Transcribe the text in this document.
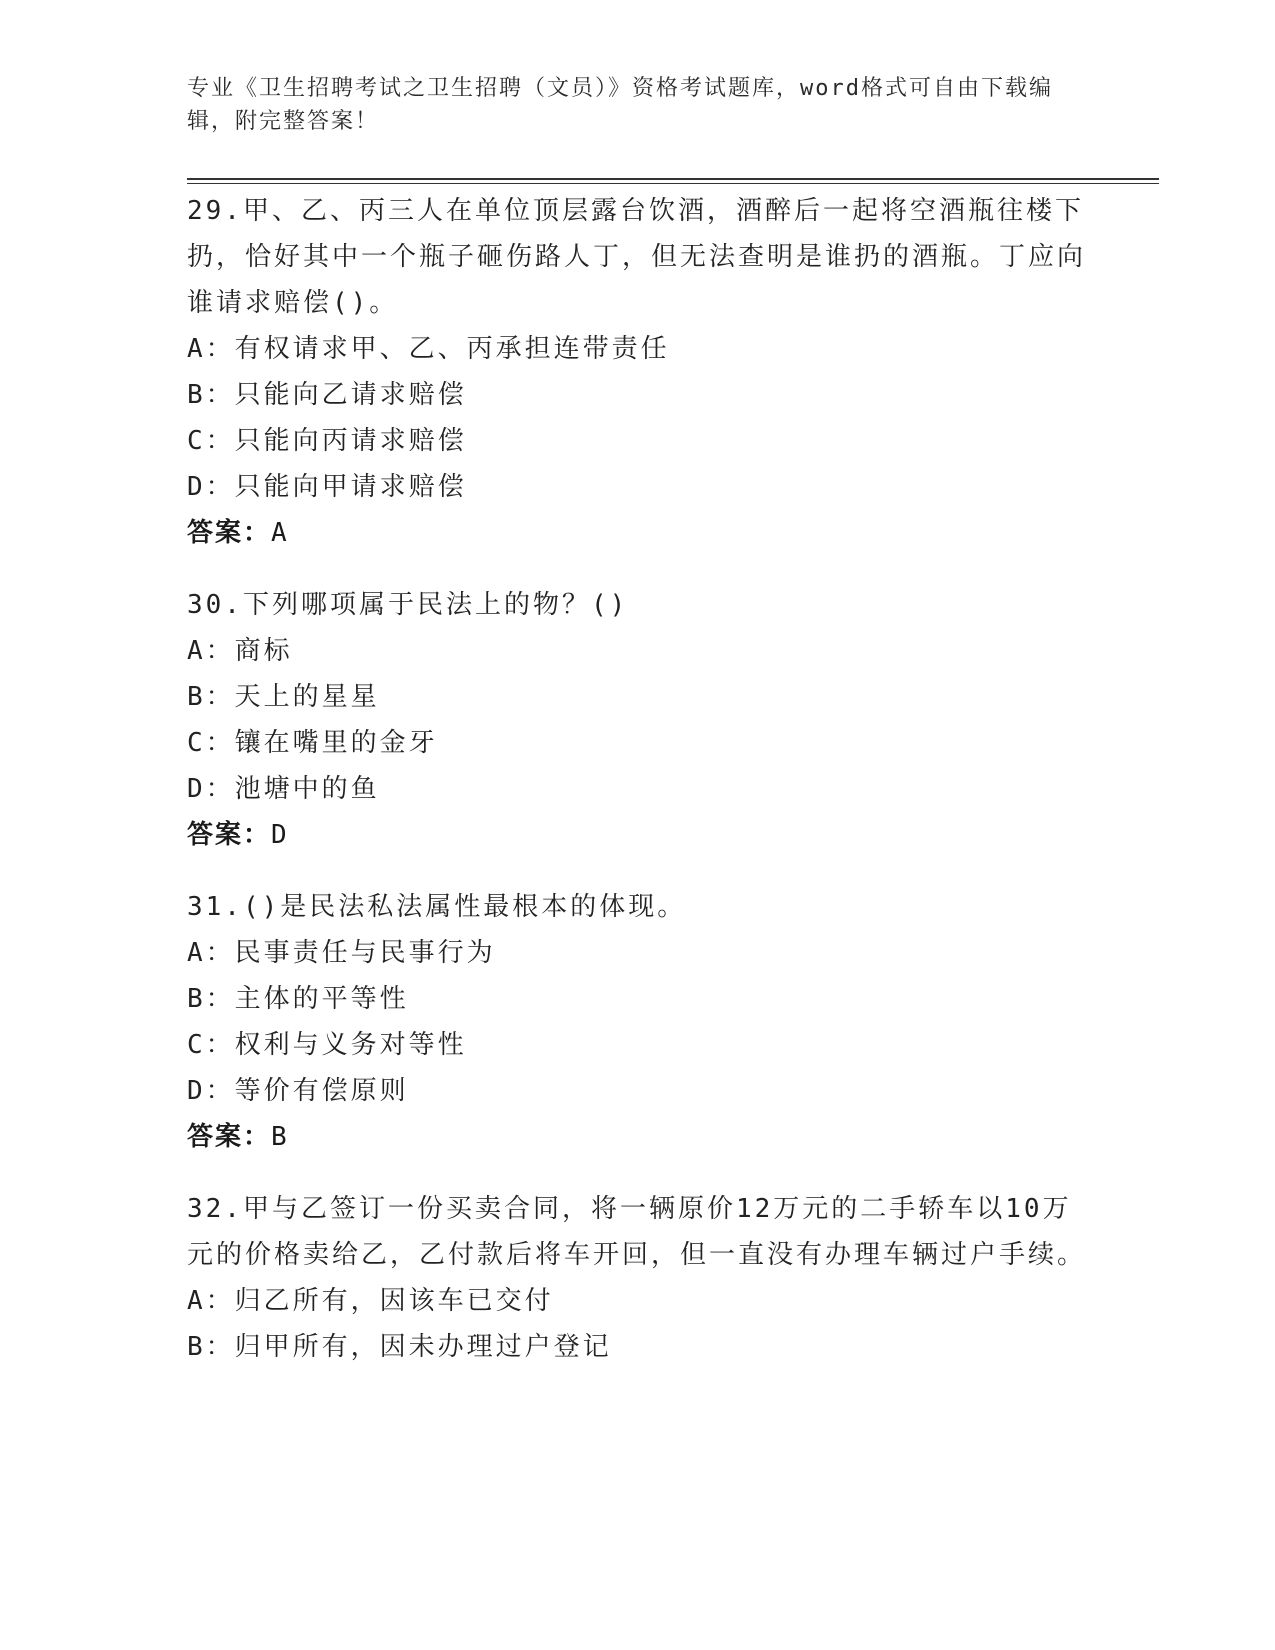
专业《卫生招聘考试之卫生招聘（文员）》资格考试题库，word格式可自由下载编辑，附完整答案！

29.甲、乙、丙三人在单位顶层露台饮酒，酒醉后一起将空酒瓶往楼下扔，恰好其中一个瓶子砸伤路人丁，但无法查明是谁扔的酒瓶。丁应向谁请求赔偿()。

A：有权请求甲、乙、丙承担连带责任

B：只能向乙请求赔偿

C：只能向丙请求赔偿

D：只能向甲请求赔偿

答案：A

30.下列哪项属于民法上的物？()

A：商标

B：天上的星星

C：镶在嘴里的金牙

D：池塘中的鱼

答案：D

31.()是民法私法属性最根本的体现。

A：民事责任与民事行为

B：主体的平等性

C：权利与义务对等性

D：等价有偿原则

答案：B

32.甲与乙签订一份买卖合同，将一辆原价12万元的二手轿车以10万元的价格卖给乙，乙付款后将车开回，但一直没有办理车辆过户手续。

A：归乙所有，因该车已交付

B：归甲所有，因未办理过户登记
